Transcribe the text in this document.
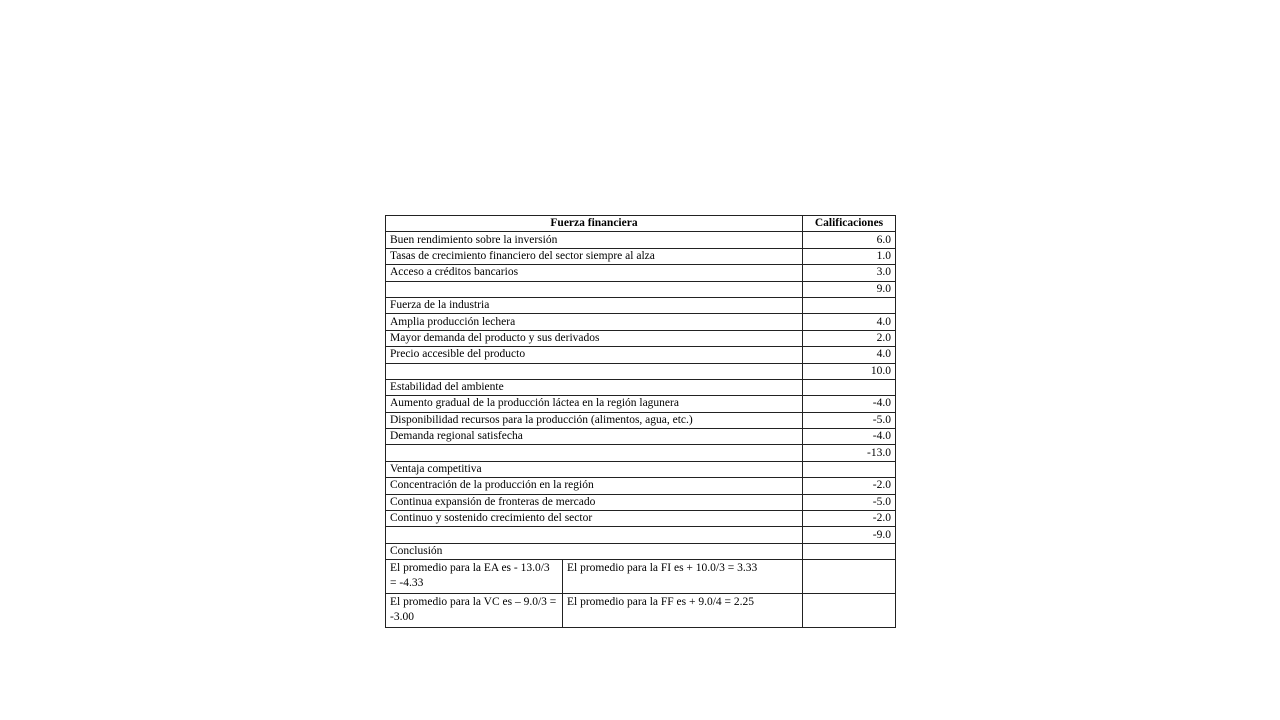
Fuerza financiera		Calificaciones
Buen rendimiento sobre la inversión		6.0
Tasas de crecimiento financiero del sector siempre al alza		1.0
Acceso a créditos bancarios		3.0
		9.0
Fuerza de la industria		
Amplia producción lechera		4.0
Mayor demanda del producto y sus derivados		2.0
Precio accesible del producto		4.0
		10.0
Estabilidad del ambiente		
Aumento gradual de la producción láctea en la región lagunera		-4.0
Disponibilidad recursos para la producción (alimentos, agua, etc.)		-5.0
Demanda regional satisfecha		-4.0
		-13.0
Ventaja competitiva		
Concentración de la producción en la región		-2.0
Continua expansión de fronteras de mercado		-5.0
Continuo y sostenido crecimiento del sector		-2.0
		-9.0
Conclusión		
El promedio para la EA es - 13.0/3 = -4.33	El promedio para la FI es + 10.0/3 = 3.33	
El promedio para la VC es – 9.0/3 = -3.00	El promedio para la FF es + 9.0/4 = 2.25	
